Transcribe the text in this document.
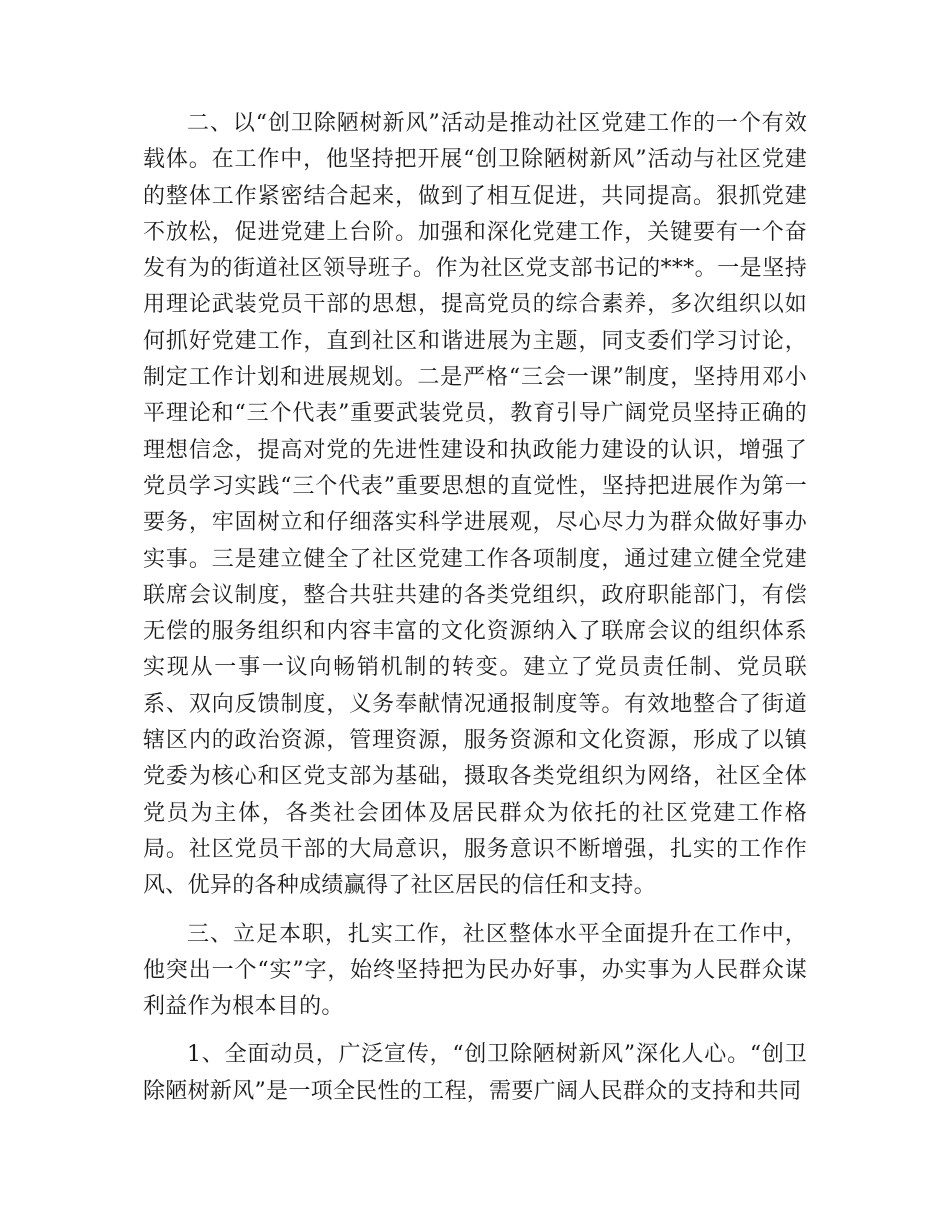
二、以“创卫除陋树新风”活动是推动社区党建工作的一个有效载体。在工作中，他坚持把开展“创卫除陋树新风”活动与社区党建的整体工作紧密结合起来，做到了相互促进，共同提高。狠抓党建不放松，促进党建上台阶。加强和深化党建工作，关键要有一个奋发有为的街道社区领导班子。作为社区党支部书记的***。一是坚持用理论武装党员干部的思想，提高党员的综合素养，多次组织以如何抓好党建工作，直到社区和谐进展为主题，同支委们学习讨论，制定工作计划和进展规划。二是严格“三会一课”制度，坚持用邓小平理论和“三个代表”重要武装党员，教育引导广阔党员坚持正确的理想信念，提高对党的先进性建设和执政能力建设的认识，增强了党员学习实践“三个代表”重要思想的直觉性，坚持把进展作为第一要务，牢固树立和仔细落实科学进展观，尽心尽力为群众做好事办实事。三是建立健全了社区党建工作各项制度，通过建立健全党建联席会议制度，整合共驻共建的各类党组织，政府职能部门，有偿无偿的服务组织和内容丰富的文化资源纳入了联席会议的组织体系实现从一事一议向畅销机制的转变。建立了党员责任制、党员联系、双向反馈制度，义务奉献情况通报制度等。有效地整合了街道辖区内的政治资源，管理资源，服务资源和文化资源，形成了以镇党委为核心和区党支部为基础，摄取各类党组织为网络，社区全体党员为主体，各类社会团体及居民群众为依托的社区党建工作格局。社区党员干部的大局意识，服务意识不断增强，扎实的工作作风、优异的各种成绩赢得了社区居民的信任和支持。

三、立足本职，扎实工作，社区整体水平全面提升在工作中，他突出一个“实”字，始终坚持把为民办好事，办实事为人民群众谋利益作为根本目的。

1、全面动员，广泛宣传，“创卫除陋树新风”深化人心。“创卫除陋树新风”是一项全民性的工程，需要广阔人民群众的支持和共同
